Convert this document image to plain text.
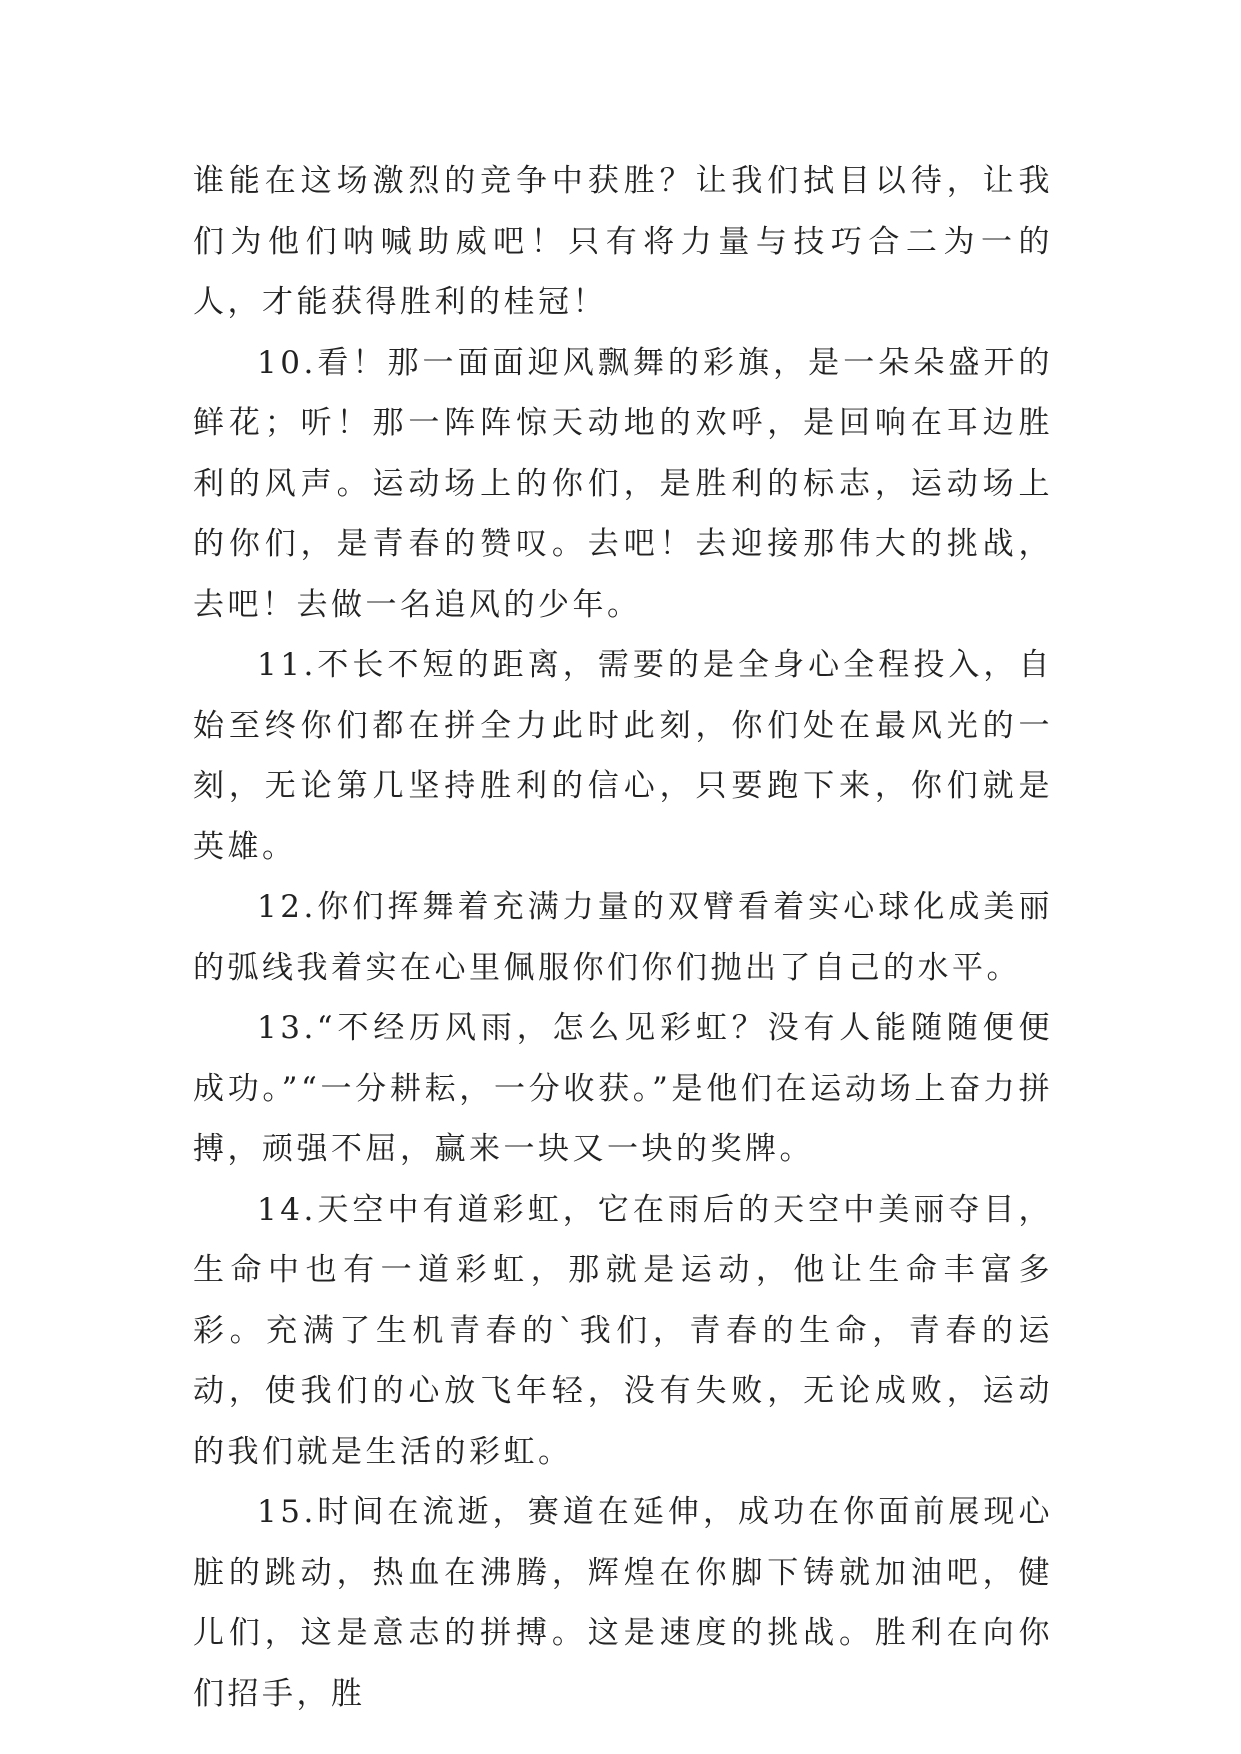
谁能在这场激烈的竞争中获胜？让我们拭目以待，让我们为他们呐喊助威吧！只有将力量与技巧合二为一的人，才能获得胜利的桂冠！

10.看！那一面面迎风飘舞的彩旗，是一朵朵盛开的鲜花；听！那一阵阵惊天动地的欢呼，是回响在耳边胜利的风声。运动场上的你们，是胜利的标志，运动场上的你们，是青春的赞叹。去吧！去迎接那伟大的挑战，去吧！去做一名追风的少年。

11.不长不短的距离，需要的是全身心全程投入，自始至终你们都在拼全力此时此刻，你们处在最风光的一刻，无论第几坚持胜利的信心，只要跑下来，你们就是英雄。

12.你们挥舞着充满力量的双臂看着实心球化成美丽的弧线我着实在心里佩服你们你们抛出了自己的水平。

13.“不经历风雨，怎么见彩虹？没有人能随随便便成功。”“一分耕耘，一分收获。”是他们在运动场上奋力拼搏，顽强不屈，赢来一块又一块的奖牌。

14.天空中有道彩虹，它在雨后的天空中美丽夺目，生命中也有一道彩虹，那就是运动，他让生命丰富多彩。充满了生机青春的`我们，青春的生命，青春的运动，使我们的心放飞年轻，没有失败，无论成败，运动的我们就是生活的彩虹。

15.时间在流逝，赛道在延伸，成功在你面前展现心脏的跳动，热血在沸腾，辉煌在你脚下铸就加油吧，健儿们，这是意志的拼搏。这是速度的挑战。胜利在向你们招手，胜
